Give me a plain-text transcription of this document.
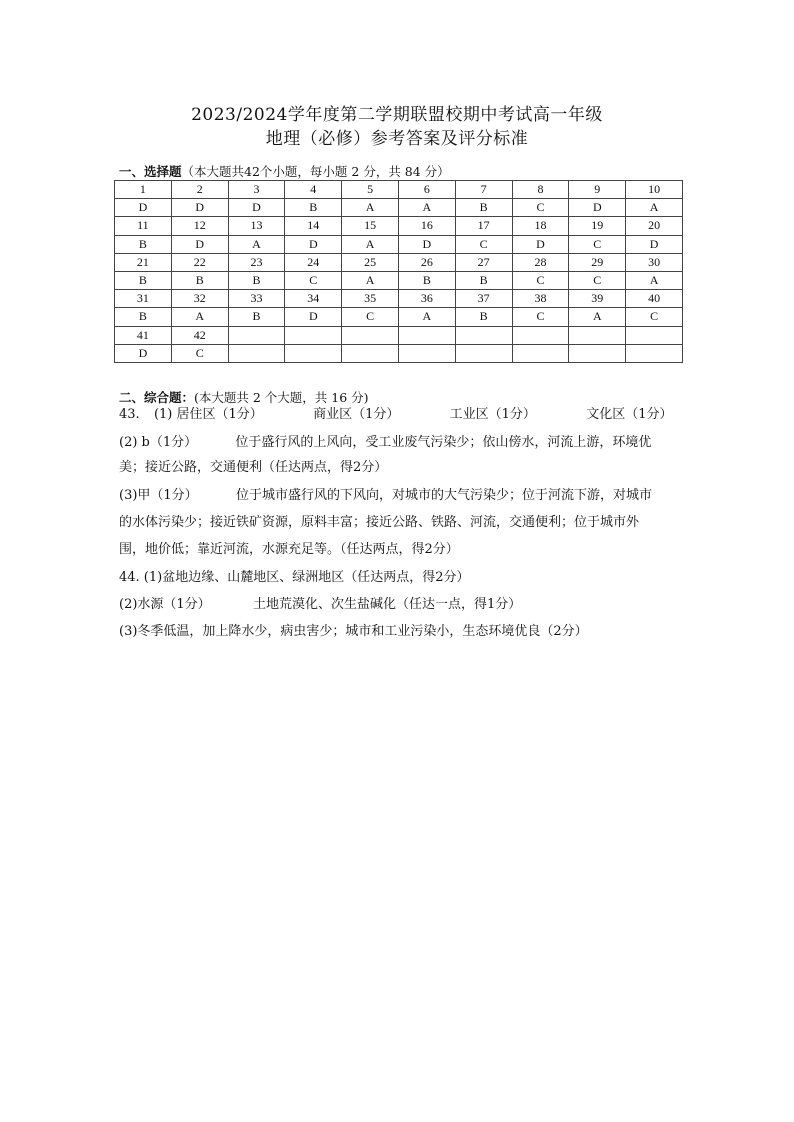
2023/2024学年度第二学期联盟校期中考试高一年级
地理（必修）参考答案及评分标准
一、选择题（本大题共42个小题，每小题 2 分，共 84 分）
1	2	3	4	5	6	7	8	9	10
D	D	D	B	A	A	B	C	D	A
11	12	13	14	15	16	17	18	19	20
B	D	A	D	A	D	C	D	C	D
21	22	23	24	25	26	27	28	29	30
B	B	B	C	A	B	B	C	C	A
31	32	33	34	35	36	37	38	39	40
B	A	B	D	C	A	B	C	A	C
41	42								
D	C								
二、综合题：(本大题共 2 个大题，共 16 分)
43. (1) 居住区（1分）	商业区（1分）	工业区（1分）	文化区（1分）
(2) b（1分）	位于盛行风的上风向，受工业废气污染少；依山傍水，河流上游，环境优
美；接近公路，交通便利（任达两点，得2分）
(3)甲（1分）	位于城市盛行风的下风向，对城市的大气污染少；位于河流下游，对城市
的水体污染少；接近铁矿资源，原料丰富；接近公路、铁路、河流，交通便利；位于城市外
围，地价低；靠近河流，水源充足等。（任达两点，得2分）
44. (1)盆地边缘、山麓地区、绿洲地区（任达两点，得2分）
(2)水源（1分）	土地荒漠化、次生盐碱化（任达一点，得1分）
(3)冬季低温，加上降水少，病虫害少；城市和工业污染小，生态环境优良（2分）
